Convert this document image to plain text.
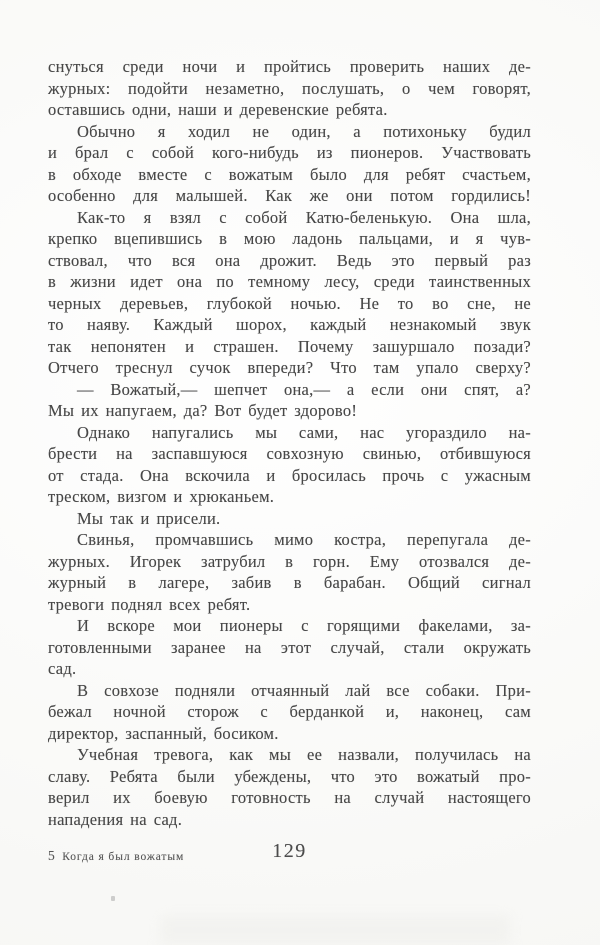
снуться среди ночи и пройтись проверить наших де-
журных: подойти незаметно, послушать, о чем говорят,
оставшись одни, наши и деревенские ребята.
Обычно я ходил не один, а потихоньку будил
и брал с собой кого-нибудь из пионеров. Участвовать
в обходе вместе с вожатым было для ребят счастьем,
особенно для малышей. Как же они потом гордились!
Как-то я взял с собой Катю-беленькую. Она шла,
крепко вцепившись в мою ладонь пальцами, и я чув-
ствовал, что вся она дрожит. Ведь это первый раз
в жизни идет она по темному лесу, среди таинственных
черных деревьев, глубокой ночью. Не то во сне, не
то наяву. Каждый шорох, каждый незнакомый звук
так непонятен и страшен. Почему зашуршало позади?
Отчего треснул сучок впереди? Что там упало сверху?
— Вожатый,— шепчет она,— а если они спят, а?
Мы их напугаем, да? Вот будет здорово!
Однако напугались мы сами, нас угораздило на-
брести на заспавшуюся совхозную свинью, отбившуюся
от стада. Она вскочила и бросилась прочь с ужасным
треском, визгом и хрюканьем.
Мы так и присели.
Свинья, промчавшись мимо костра, перепугала де-
журных. Игорек затрубил в горн. Ему отозвался де-
журный в лагере, забив в барабан. Общий сигнал
тревоги поднял всех ребят.
И вскоре мои пионеры с горящими факелами, за-
готовленными заранее на этот случай, стали окружать
сад.
В совхозе подняли отчаянный лай все собаки. При-
бежал ночной сторож с берданкой и, наконец, сам
директор, заспанный, босиком.
Учебная тревога, как мы ее назвали, получилась на
славу. Ребята были убеждены, что это вожатый про-
верил их боевую готовность на случай настоящего
нападения на сад.
5 Когда я был вожатым	129
